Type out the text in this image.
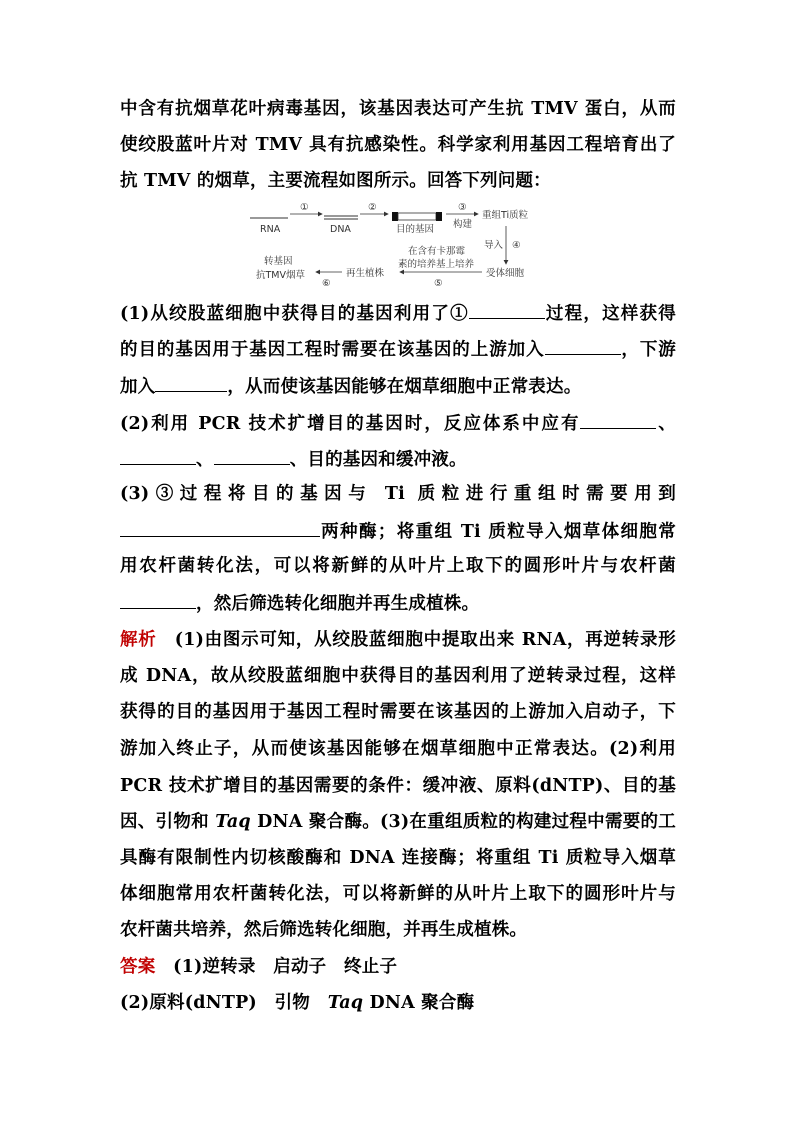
中含有抗烟草花叶病毒基因，该基因表达可产生抗 TMV 蛋白，从而
使绞股蓝叶片对 TMV 具有抗感染性。科学家利用基因工程培育出了
抗 TMV 的烟草，主要流程如图所示。回答下列问题：
RNA
①
DNA
②
目的基因
③
构建
重组Ti质粒
导入 ④
受体细胞
在含有卡那霉
素的培养基上培养
⑤
再生植株
⑥
转基因
抗TMV烟草
(1)从绞股蓝细胞中获得目的基因利用了①	过程，这样获得
的目的基因用于基因工程时需要在该基因的上游加入	，下游
加入	，从而使该基因能够在烟草细胞中正常表达。
(2)利用 PCR 技术扩增目的基因时，反应体系中应有	、
、	、目的基因和缓冲液。
(3)③过程将目的基因与 Ti 质粒进行重组时需要用到
两种酶；将重组 Ti 质粒导入烟草体细胞常
用农杆菌转化法，可以将新鲜的从叶片上取下的圆形叶片与农杆菌
，然后筛选转化细胞并再生成植株。
解析　 (1)由图示可知，从绞股蓝细胞中提取出来 RNA，再逆转录形
成 DNA，故从绞股蓝细胞中获得目的基因利用了逆转录过程，这样
获得的目的基因用于基因工程时需要在该基因的上游加入启动子，下
游加入终止子，从而使该基因能够在烟草细胞中正常表达。(2)利用
PCR 技术扩增目的基因需要的条件：缓冲液、原料(dNTP)、目的基
因、引物和 Taq DNA 聚合酶。(3)在重组质粒的构建过程中需要的工
具酶有限制性内切核酸酶和 DNA 连接酶；将重组 Ti 质粒导入烟草
体细胞常用农杆菌转化法，可以将新鲜的从叶片上取下的圆形叶片与
农杆菌共培养，然后筛选转化细胞，并再生成植株。
答案　 (1)逆转录　启动子　终止子
(2)原料(dNTP)　引物　Taq DNA 聚合酶
